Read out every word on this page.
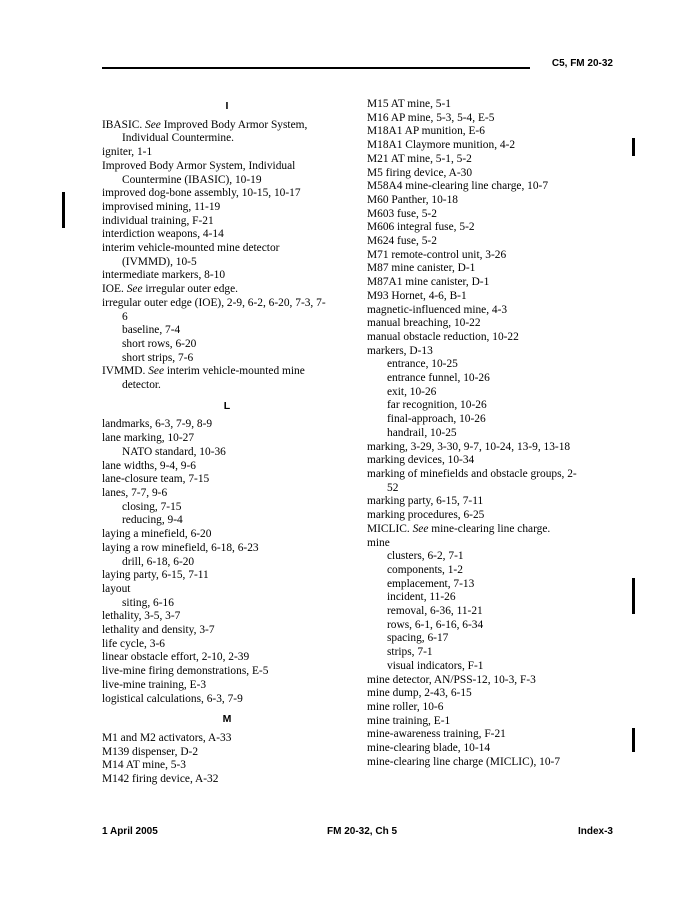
C5, FM 20-32
I
IBASIC. See Improved Body Armor System,
Individual Countermine.
igniter, 1-1
Improved Body Armor System, Individual
Countermine (IBASIC), 10-19
improved dog-bone assembly, 10-15, 10-17
improvised mining, 11-19
individual training, F-21
interdiction weapons, 4-14
interim vehicle-mounted mine detector
(IVMMD), 10-5
intermediate markers, 8-10
IOE. See irregular outer edge.
irregular outer edge (IOE), 2-9, 6-2, 6-20, 7-3, 7-
6
baseline, 7-4
short rows, 6-20
short strips, 7-6
IVMMD. See interim vehicle-mounted mine
detector.
L
landmarks, 6-3, 7-9, 8-9
lane marking, 10-27
NATO standard, 10-36
lane widths, 9-4, 9-6
lane-closure team, 7-15
lanes, 7-7, 9-6
closing, 7-15
reducing, 9-4
laying a minefield, 6-20
laying a row minefield, 6-18, 6-23
drill, 6-18, 6-20
laying party, 6-15, 7-11
layout
siting, 6-16
lethality, 3-5, 3-7
lethality and density, 3-7
life cycle, 3-6
linear obstacle effort, 2-10, 2-39
live-mine firing demonstrations, E-5
live-mine training, E-3
logistical calculations, 6-3, 7-9
M
M1 and M2 activators, A-33
M139 dispenser, D-2
M14 AT mine, 5-3
M142 firing device, A-32
M15 AT mine, 5-1
M16 AP mine, 5-3, 5-4, E-5
M18A1 AP munition, E-6
M18A1 Claymore munition, 4-2
M21 AT mine, 5-1, 5-2
M5 firing device, A-30
M58A4 mine-clearing line charge, 10-7
M60 Panther, 10-18
M603 fuse, 5-2
M606 integral fuse, 5-2
M624 fuse, 5-2
M71 remote-control unit, 3-26
M87 mine canister, D-1
M87A1 mine canister, D-1
M93 Hornet, 4-6, B-1
magnetic-influenced mine, 4-3
manual breaching, 10-22
manual obstacle reduction, 10-22
markers, D-13
entrance, 10-25
entrance funnel, 10-26
exit, 10-26
far recognition, 10-26
final-approach, 10-26
handrail, 10-25
marking, 3-29, 3-30, 9-7, 10-24, 13-9, 13-18
marking devices, 10-34
marking of minefields and obstacle groups, 2-
52
marking party, 6-15, 7-11
marking procedures, 6-25
MICLIC. See mine-clearing line charge.
mine
clusters, 6-2, 7-1
components, 1-2
emplacement, 7-13
incident, 11-26
removal, 6-36, 11-21
rows, 6-1, 6-16, 6-34
spacing, 6-17
strips, 7-1
visual indicators, F-1
mine detector, AN/PSS-12, 10-3, F-3
mine dump, 2-43, 6-15
mine roller, 10-6
mine training, E-1
mine-awareness training, F-21
mine-clearing blade, 10-14
mine-clearing line charge (MICLIC), 10-7
1 April 2005	FM 20-32, Ch 5	Index-3
